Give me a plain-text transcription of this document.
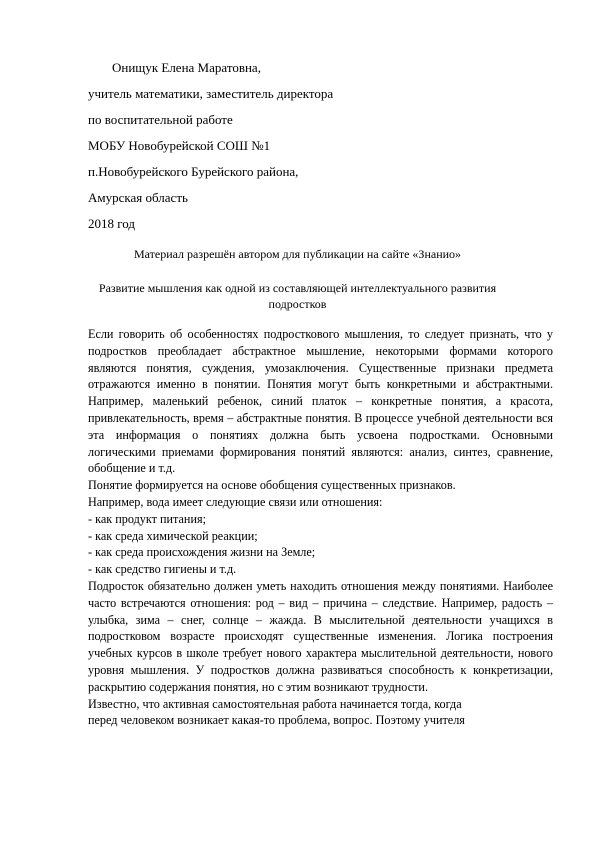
Онищук Елена Маратовна,
учитель математики, заместитель директора
по воспитательной работе
МОБУ Новобурейской СОШ №1
п.Новобурейского Бурейского района,
Амурская область
2018 год
Материал разрешён автором для публикации на сайте «Знанио»
Развитие мышления как одной из составляющей интеллектуального развития подростков

Если говорить об особенностях подросткового мышления, то следует признать, что у подростков преобладает абстрактное мышление, некоторыми формами которого являются понятия, суждения, умозаключения. Существенные признаки предмета отражаются именно в понятии. Понятия могут быть конкретными и абстрактными. Например, маленький ребенок, синий платок – конкретные понятия, а красота, привлекательность, время – абстрактные понятия. В процессе учебной деятельности вся эта информация о понятиях должна быть усвоена подростками. Основными логическими приемами формирования понятий являются: анализ, синтез, сравнение, обобщение и т.д.

Понятие формируется на основе обобщения существенных признаков.

Например, вода имеет следующие связи или отношения:

- как продукт питания;

- как среда химической реакции;

- как среда происхождения жизни на Земле;

- как средство гигиены и т.д.

Подросток обязательно должен уметь находить отношения между понятиями. Наиболее часто встречаются отношения: род – вид – причина – следствие. Например, радость – улыбка, зима – снег, солнце – жажда. В мыслительной деятельности учащихся в подростковом возрасте происходят существенные изменения. Логика построения учебных курсов в школе требует нового характера мыслительной деятельности, нового уровня мышления. У подростков должна развиваться способность к конкретизации, раскрытию содержания понятия, но с этим возникают трудности.

Известно, что активная самостоятельная работа начинается тогда, когда

перед человеком возникает какая-то проблема, вопрос. Поэтому учителя
